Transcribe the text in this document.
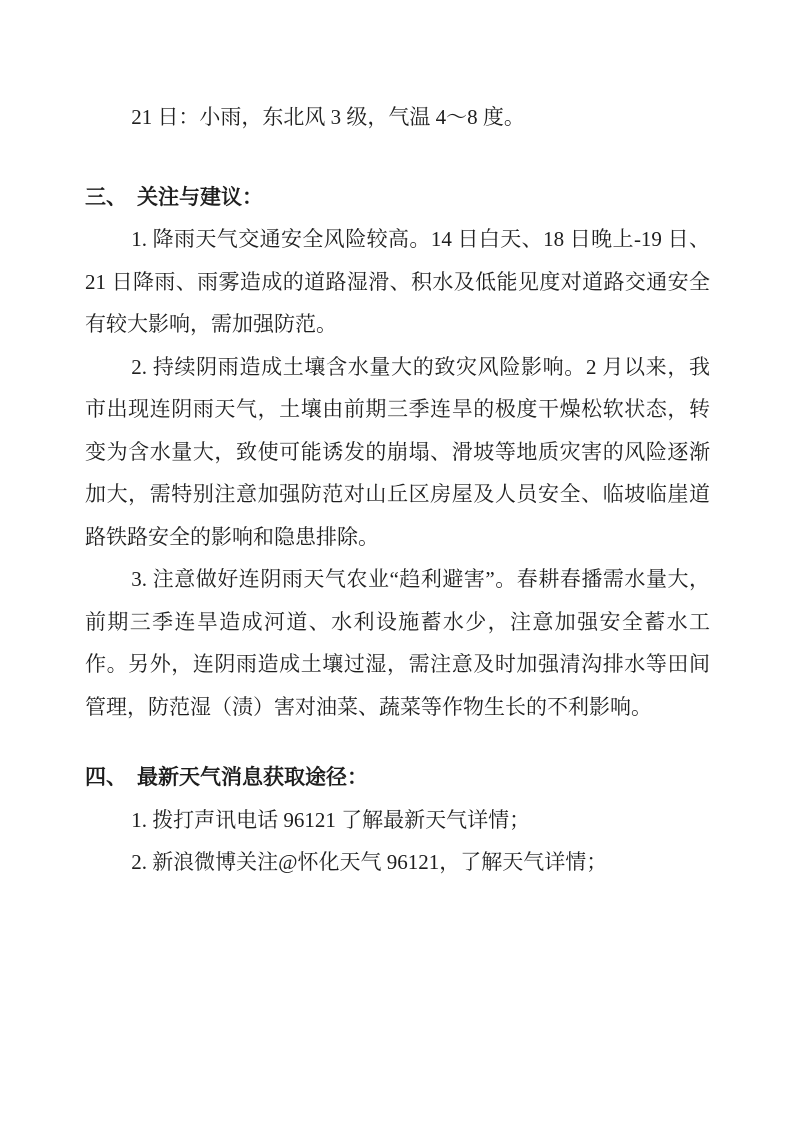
21 日：小雨，东北风 3 级，气温 4～8 度。

三、 关注与建议：

1. 降雨天气交通安全风险较高。14 日白天、18 日晚上-19 日、21 日降雨、雨雾造成的道路湿滑、积水及低能见度对道路交通安全有较大影响，需加强防范。

2. 持续阴雨造成土壤含水量大的致灾风险影响。2 月以来，我市出现连阴雨天气，土壤由前期三季连旱的极度干燥松软状态，转变为含水量大，致使可能诱发的崩塌、滑坡等地质灾害的风险逐渐加大，需特别注意加强防范对山丘区房屋及人员安全、临坡临崖道路铁路安全的影响和隐患排除。

3. 注意做好连阴雨天气农业“趋利避害”。春耕春播需水量大，前期三季连旱造成河道、水利设施蓄水少，注意加强安全蓄水工作。另外，连阴雨造成土壤过湿，需注意及时加强清沟排水等田间管理，防范湿（渍）害对油菜、蔬菜等作物生长的不利影响。

四、 最新天气消息获取途径：

1. 拨打声讯电话 96121 了解最新天气详情；

2. 新浪微博关注@怀化天气 96121，了解天气详情；
